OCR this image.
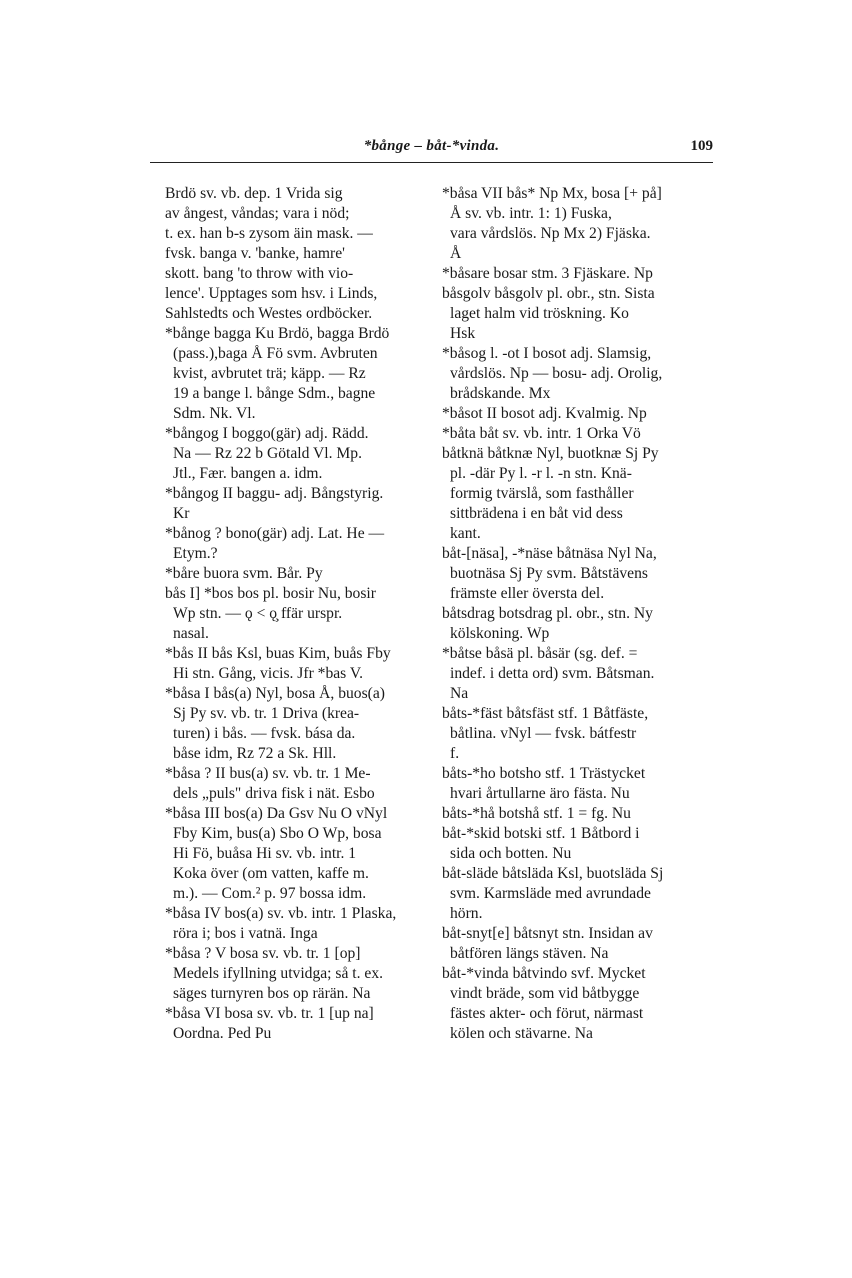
*bånge – båt-*vinda.	109
Brdö sv. vb. dep. 1 Vrida sig
av ångest, våndas; vara i nöd;
t. ex. han b-s zysom äin mask. —
fvsk. banga v. 'banke, hamre'
skott. bang 'to throw with vio-
lence'. Upptages som hsv. i Linds,
Sahlstedts och Westes ordböcker.
*bånge bagga Ku Brdö, bagga Brdö
(pass.),baga Å Fö svm. Avbruten
kvist, avbrutet trä; käpp. — Rz
19 a bange l. bånge Sdm., bagne
Sdm. Nk. Vl.
*bångog I boggo(gär) adj. Rädd.
Na — Rz 22 b Götald Vl. Mp.
Jtl., Fær. bangen a. idm.
*bångog II baggu- adj. Bångstyrig.
Kr
*bånog ? bono(gär) adj. Lat. He —
Etym.?
*båre buora svm. Bår. Py
bås I] *bos bos pl. bosir Nu, bosir
Wp stn. — ǫ < ǫ̧ ffär urspr.
nasal.
*bås II bås Ksl, buas Kim, buås Fby
Hi stn. Gång, vicis. Jfr *bas V.
*båsa I bås(a) Nyl, bosa Å, buos(a)
Sj Py sv. vb. tr. 1 Driva (krea-
turen) i bås. — fvsk. bása da.
båse idm, Rz 72 a Sk. Hll.
*båsa ? II bus(a) sv. vb. tr. 1 Me-
dels „puls" driva fisk i nät. Esbo
*båsa III bos(a) Da Gsv Nu O vNyl
Fby Kim, bus(a) Sbo O Wp, bosa
Hi Fö, buåsa Hi sv. vb. intr. 1
Koka över (om vatten, kaffe m.
m.). — Com.² p. 97 bossa idm.
*båsa IV bos(a) sv. vb. intr. 1 Plaska,
röra i; bos i vatnä. Inga
*båsa ? V bosa sv. vb. tr. 1 [op]
Medels ifyllning utvidga; så t. ex.
säges turnyren bos op rärän. Na
*båsa VI bosa sv. vb. tr. 1 [up na]
Oordna. Ped Pu
*båsa VII bås* Np Mx, bosa [+ på]
Å sv. vb. intr. 1: 1) Fuska,
vara vårdslös. Np Mx 2) Fjäska.
Å
*båsare bosar stm. 3 Fjäskare. Np
båsgolv båsgolv pl. obr., stn. Sista
laget halm vid tröskning. Ko
Hsk
*båsog l. -ot I bosot adj. Slamsig,
vårdslös. Np — bosu- adj. Orolig,
brådskande. Mx
*båsot II bosot adj. Kvalmig. Np
*båta båt sv. vb. intr. 1 Orka Vö
båtknä båtknæ Nyl, buotknæ Sj Py
pl. -där Py l. -r l. -n stn. Knä-
formig tvärslå, som fasthåller
sittbrädena i en båt vid dess
kant.
båt-[näsa], -*näse båtnäsa Nyl Na,
buotnäsa Sj Py svm. Båtstävens
främste eller översta del.
båtsdrag botsdrag pl. obr., stn. Ny
kölskoning. Wp
*båtse båsä pl. båsär (sg. def. =
indef. i detta ord) svm. Båtsman.
Na
båts-*fäst båtsfäst stf. 1 Båtfäste,
båtlina. vNyl — fvsk. bátfestr
f.
båts-*ho botsho stf. 1 Trästycket
hvari årtullarne äro fästa. Nu
båts-*hå botshå stf. 1 = fg. Nu
båt-*skid botski stf. 1 Båtbord i
sida och botten. Nu
båt-släde båtsläda Ksl, buotsläda Sj
svm. Karmsläde med avrundade
hörn.
båt-snyt[e] båtsnyt stn. Insidan av
båtfören längs stäven. Na
båt-*vinda båtvindo svf. Mycket
vindt bräde, som vid båtbygge
fästes akter- och förut, närmast
kölen och stävarne. Na
